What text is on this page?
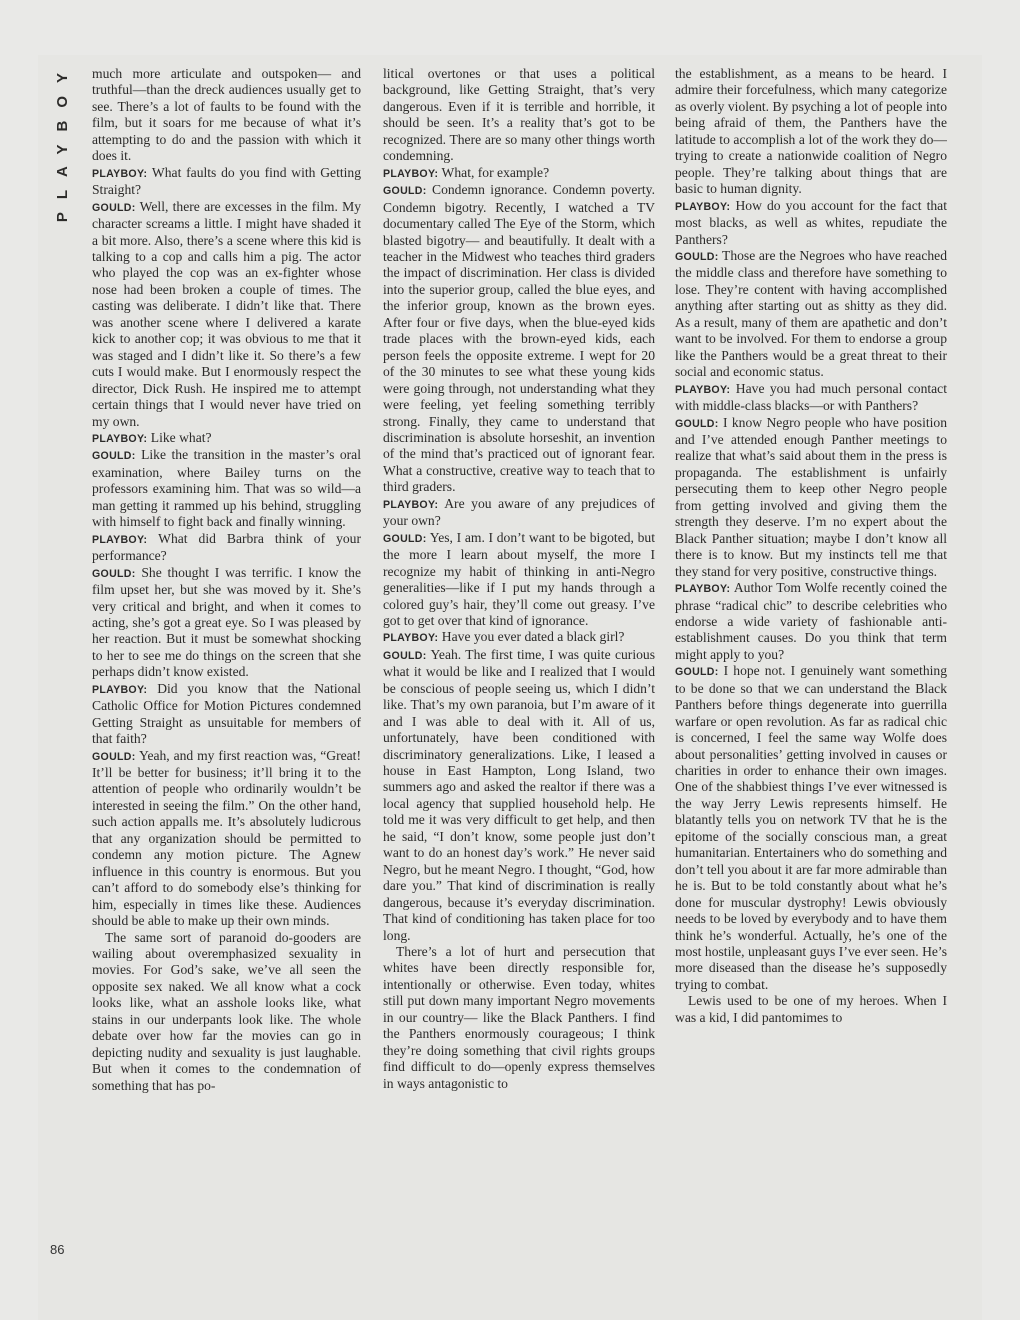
PLAYBOY
86

much more articulate and outspoken— and truthful—than the dreck audiences usually get to see. There’s a lot of faults to be found with the film, but it soars for me because of what it’s attempting to do and the passion with which it does it.

PLAYBOY: What faults do you find with Getting Straight?

GOULD: Well, there are excesses in the film. My character screams a little. I might have shaded it a bit more. Also, there’s a scene where this kid is talking to a cop and calls him a pig. The actor who played the cop was an ex-fighter whose nose had been broken a couple of times. The casting was deliberate. I didn’t like that. There was another scene where I delivered a karate kick to another cop; it was obvious to me that it was staged and I didn’t like it. So there’s a few cuts I would make. But I enormously respect the director, Dick Rush. He inspired me to attempt certain things that I would never have tried on my own.

PLAYBOY: Like what?

GOULD: Like the transition in the master’s oral examination, where Bailey turns on the professors examining him. That was so wild—a man getting it rammed up his behind, struggling with himself to fight back and finally winning.

PLAYBOY: What did Barbra think of your performance?

GOULD: She thought I was terrific. I know the film upset her, but she was moved by it. She’s very critical and bright, and when it comes to acting, she’s got a great eye. So I was pleased by her reaction. But it must be somewhat shocking to her to see me do things on the screen that she perhaps didn’t know existed.

PLAYBOY: Did you know that the National Catholic Office for Motion Pictures condemned Getting Straight as unsuitable for members of that faith?

GOULD: Yeah, and my first reaction was, “Great! It’ll be better for business; it’ll bring it to the attention of people who ordinarily wouldn’t be interested in seeing the film.” On the other hand, such action appalls me. It’s absolutely ludicrous that any organization should be permitted to condemn any motion picture. The Agnew influence in this country is enormous. But you can’t afford to do somebody else’s thinking for him, especially in times like these. Audiences should be able to make up their own minds.

The same sort of paranoid do-gooders are wailing about overemphasized sexuality in movies. For God’s sake, we’ve all seen the opposite sex naked. We all know what a cock looks like, what an asshole looks like, what stains in our underpants look like. The whole debate over how far the movies can go in depicting nudity and sexuality is just laughable. But when it comes to the condemnation of something that has po-

litical overtones or that uses a political background, like Getting Straight, that’s very dangerous. Even if it is terrible and horrible, it should be seen. It’s a reality that’s got to be recognized. There are so many other things worth condemning.

PLAYBOY: What, for example?

GOULD: Condemn ignorance. Condemn poverty. Condemn bigotry. Recently, I watched a TV documentary called The Eye of the Storm, which blasted bigotry— and beautifully. It dealt with a teacher in the Midwest who teaches third graders the impact of discrimination. Her class is divided into the superior group, called the blue eyes, and the inferior group, known as the brown eyes. After four or five days, when the blue-eyed kids trade places with the brown-eyed kids, each person feels the opposite extreme. I wept for 20 of the 30 minutes to see what these young kids were going through, not understanding what they were feeling, yet feeling something terribly strong. Finally, they came to understand that discrimination is absolute horseshit, an invention of the mind that’s practiced out of ignorant fear. What a constructive, creative way to teach that to third graders.

PLAYBOY: Are you aware of any prejudices of your own?

GOULD: Yes, I am. I don’t want to be bigoted, but the more I learn about myself, the more I recognize my habit of thinking in anti-Negro generalities—like if I put my hands through a colored guy’s hair, they’ll come out greasy. I’ve got to get over that kind of ignorance.

PLAYBOY: Have you ever dated a black girl?

GOULD: Yeah. The first time, I was quite curious what it would be like and I realized that I would be conscious of people seeing us, which I didn’t like. That’s my own paranoia, but I’m aware of it and I was able to deal with it. All of us, unfortunately, have been conditioned with discriminatory generalizations. Like, I leased a house in East Hampton, Long Island, two summers ago and asked the realtor if there was a local agency that supplied household help. He told me it was very difficult to get help, and then he said, “I don’t know, some people just don’t want to do an honest day’s work.” He never said Negro, but he meant Negro. I thought, “God, how dare you.” That kind of discrimination is really dangerous, because it’s everyday discrimination. That kind of conditioning has taken place for too long.

There’s a lot of hurt and persecution that whites have been directly responsible for, intentionally or otherwise. Even today, whites still put down many important Negro movements in our country— like the Black Panthers. I find the Panthers enormously courageous; I think they’re doing something that civil rights groups find difficult to do—openly express themselves in ways antagonistic to

the establishment, as a means to be heard. I admire their forcefulness, which many categorize as overly violent. By psyching a lot of people into being afraid of them, the Panthers have the latitude to accomplish a lot of the work they do—trying to create a nationwide coalition of Negro people. They’re talking about things that are basic to human dignity.

PLAYBOY: How do you account for the fact that most blacks, as well as whites, repudiate the Panthers?

GOULD: Those are the Negroes who have reached the middle class and therefore have something to lose. They’re content with having accomplished anything after starting out as shitty as they did. As a result, many of them are apathetic and don’t want to be involved. For them to endorse a group like the Panthers would be a great threat to their social and economic status.

PLAYBOY: Have you had much personal contact with middle-class blacks—or with Panthers?

GOULD: I know Negro people who have position and I’ve attended enough Panther meetings to realize that what’s said about them in the press is propaganda. The establishment is unfairly persecuting them to keep other Negro people from getting involved and giving them the strength they deserve. I’m no expert about the Black Panther situation; maybe I don’t know all there is to know. But my instincts tell me that they stand for very positive, constructive things.

PLAYBOY: Author Tom Wolfe recently coined the phrase “radical chic” to describe celebrities who endorse a wide variety of fashionable anti-establishment causes. Do you think that term might apply to you?

GOULD: I hope not. I genuinely want something to be done so that we can understand the Black Panthers before things degenerate into guerrilla warfare or open revolution. As far as radical chic is concerned, I feel the same way Wolfe does about personalities’ getting involved in causes or charities in order to enhance their own images. One of the shabbiest things I’ve ever witnessed is the way Jerry Lewis represents himself. He blatantly tells you on network TV that he is the epitome of the socially conscious man, a great humanitarian. Entertainers who do something and don’t tell you about it are far more admirable than he is. But to be told constantly about what he’s done for muscular dystrophy! Lewis obviously needs to be loved by everybody and to have them think he’s wonderful. Actually, he’s one of the most hostile, unpleasant guys I’ve ever seen. He’s more diseased than the disease he’s supposedly trying to combat.

Lewis used to be one of my heroes. When I was a kid, I did pantomimes to
